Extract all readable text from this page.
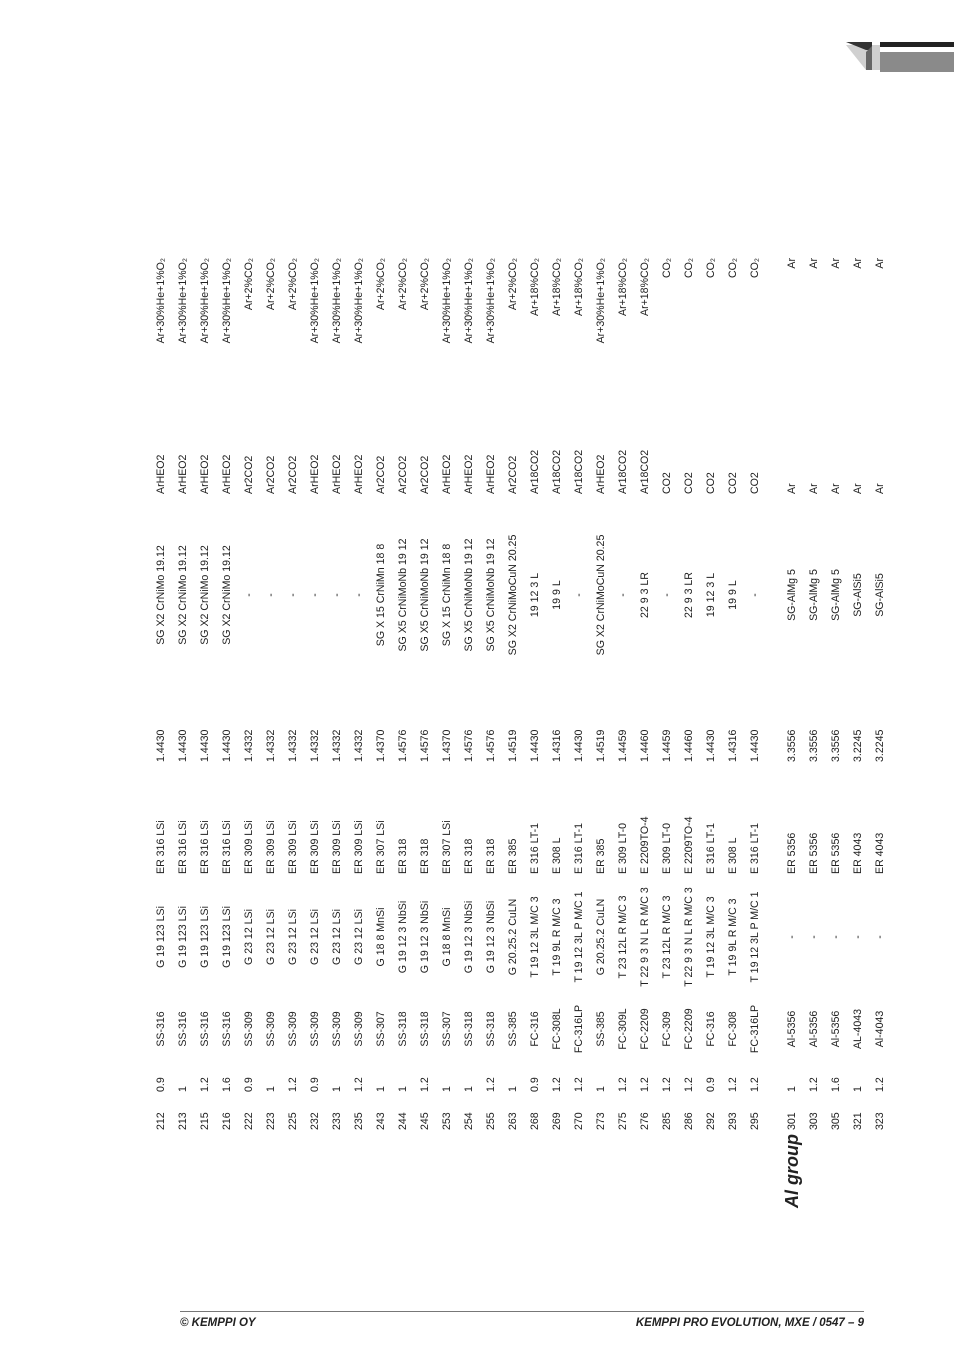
	212	0.9	SS-316	G 19 123 LSi	ER 316 LSi	1.4430	SG X2 CrNiMo 19.12	ArHEO2	Ar+30%He+1%O₂
	213	1	SS-316	G 19 123 LSi	ER 316 LSi	1.4430	SG X2 CrNiMo 19.12	ArHEO2	Ar+30%He+1%O₂
	215	1.2	SS-316	G 19 123 LSi	ER 316 LSi	1.4430	SG X2 CrNiMo 19.12	ArHEO2	Ar+30%He+1%O₂
	216	1.6	SS-316	G 19 123 LSi	ER 316 LSi	1.4430	SG X2 CrNiMo 19.12	ArHEO2	Ar+30%He+1%O₂
	222	0.9	SS-309	G 23 12 LSi	ER 309 LSi	1.4332	-	Ar2CO2	Ar+2%CO₂
	223	1	SS-309	G 23 12 LSi	ER 309 LSi	1.4332	-	Ar2CO2	Ar+2%CO₂
	225	1.2	SS-309	G 23 12 LSi	ER 309 LSi	1.4332	-	Ar2CO2	Ar+2%CO₂
	232	0.9	SS-309	G 23 12 LSi	ER 309 LSi	1.4332	-	ArHEO2	Ar+30%He+1%O₂
	233	1	SS-309	G 23 12 LSi	ER 309 LSi	1.4332	-	ArHEO2	Ar+30%He+1%O₂
	235	1.2	SS-309	G 23 12 LSi	ER 309 LSi	1.4332	-	ArHEO2	Ar+30%He+1%O₂
	243	1	SS-307	G 18 8 MnSi	ER 307 LSi	1.4370	SG X 15 CrNiMn 18 8	Ar2CO2	Ar+2%CO₂
	244	1	SS-318	G 19 12 3 NbSi	ER 318	1.4576	SG X5 CrNiMoNb 19 12	Ar2CO2	Ar+2%CO₂
	245	1.2	SS-318	G 19 12 3 NbSi	ER 318	1.4576	SG X5 CrNiMoNb 19 12	Ar2CO2	Ar+2%CO₂
	253	1	SS-307	G 18 8 MnSi	ER 307 LSi	1.4370	SG X 15 CrNiMn 18 8	ArHEO2	Ar+30%He+1%O₂
	254	1	SS-318	G 19 12 3 NbSi	ER 318	1.4576	SG X5 CrNiMoNb 19 12	ArHEO2	Ar+30%He+1%O₂
	255	1.2	SS-318	G 19 12 3 NbSi	ER 318	1.4576	SG X5 CrNiMoNb 19 12	ArHEO2	Ar+30%He+1%O₂
	263	1	SS-385	G 20.25.2 CuLN	ER 385	1.4519	SG X2 CrNiMoCuN 20.25	Ar2CO2	Ar+2%CO₂
	268	0.9	FC-316	T 19 12 3L M/C 3	E 316 LT-1	1.4430	19 12 3 L	Ar18CO2	Ar+18%CO₂
	269	1.2	FC-308L	T 19 9L R M/C 3	E 308 L	1.4316	19 9 L	Ar18CO2	Ar+18%CO₂
	270	1.2	FC-316LP	T 19 12 3L P M/C 1	E 316 LT-1	1.4430	-	Ar18CO2	Ar+18%CO₂
	273	1	SS-385	G 20.25.2 CuLN	ER 385	1.4519	SG X2 CrNiMoCuN 20.25	ArHEO2	Ar+30%He+1%O₂
	275	1.2	FC-309L	T 23 12L R M/C 3	E 309 LT-0	1.4459	-	Ar18CO2	Ar+18%CO₂
	276	1.2	FC-2209	T 22 9 3 N L R M/C 3	E 2209TO-4	1.4460	22 9 3 LR	Ar18CO2	Ar+18%CO₂
	285	1.2	FC-309	T 23 12L R M/C 3	E 309 LT-0	1.4459	-	CO2	CO₂
	286	1.2	FC-2209	T 22 9 3 N L R M/C 3	E 2209TO-4	1.4460	22 9 3 LR	CO2	CO₂
	292	0.9	FC-316	T 19 12 3L M/C 3	E 316 LT-1	1.4430	19 12 3 L	CO2	CO₂
	293	1.2	FC-308	T 19 9L R M/C 3	E 308 L	1.4316	19 9 L	CO2	CO₂
	295	1.2	FC-316LP	T 19 12 3L P M/C 1	E 316 LT-1	1.4430	-	CO2	CO₂

Al group	301	1	Al-5356	-	ER 5356	3.3556	SG-AlMg 5	Ar	Ar
	303	1.2	Al-5356	-	ER 5356	3.3556	SG-AlMg 5	Ar	Ar
	305	1.6	Al-5356	-	ER 5356	3.3556	SG-AlMg 5	Ar	Ar
	321	1	AL-4043	-	ER 4043	3.2245	SG-AlSi5	Ar	Ar
	323	1.2	Al-4043	-	ER 4043	3.2245	SG-AlSi5	Ar	Ar
© KEMPPI OY	KEMPPI PRO EVOLUTION, MXE / 0547 – 9
